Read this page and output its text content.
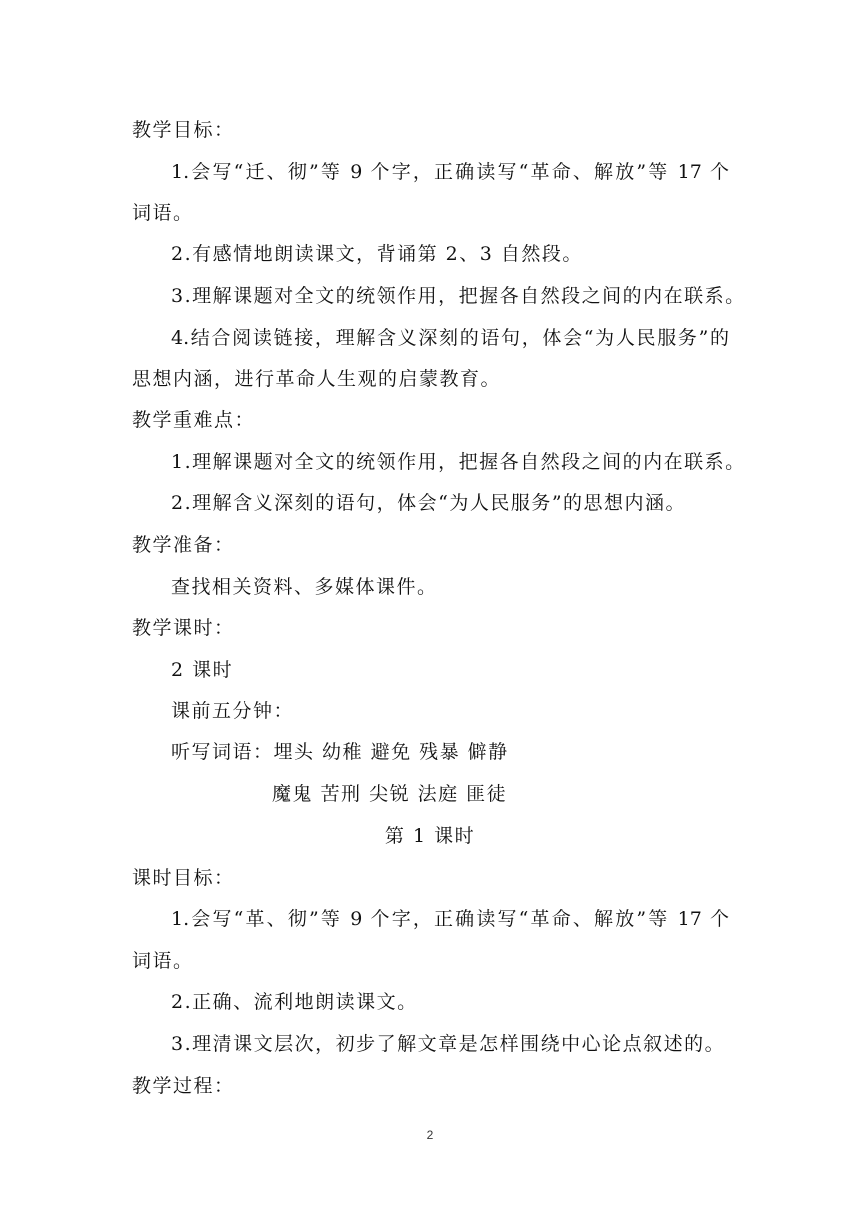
教学目标：
1.会写“迁、彻”等 9 个字，正确读写“革命、解放”等 17 个
词语。
2.有感情地朗读课文，背诵第 2、3 自然段。
3.理解课题对全文的统领作用，把握各自然段之间的内在联系。
4.结合阅读链接，理解含义深刻的语句，体会“为人民服务”的
思想内涵，进行革命人生观的启蒙教育。
教学重难点：
1.理解课题对全文的统领作用，把握各自然段之间的内在联系。
2.理解含义深刻的语句，体会“为人民服务”的思想内涵。
教学准备：
查找相关资料、多媒体课件。
教学课时：
2 课时
课前五分钟：
听写词语：埋头 幼稚 避免 残暴 僻静
魔鬼 苦刑 尖锐 法庭 匪徒
第 1 课时
课时目标：
1.会写“革、彻”等 9 个字，正确读写“革命、解放”等 17 个
词语。
2.正确、流利地朗读课文。
3.理清课文层次，初步了解文章是怎样围绕中心论点叙述的。
教学过程：
2
